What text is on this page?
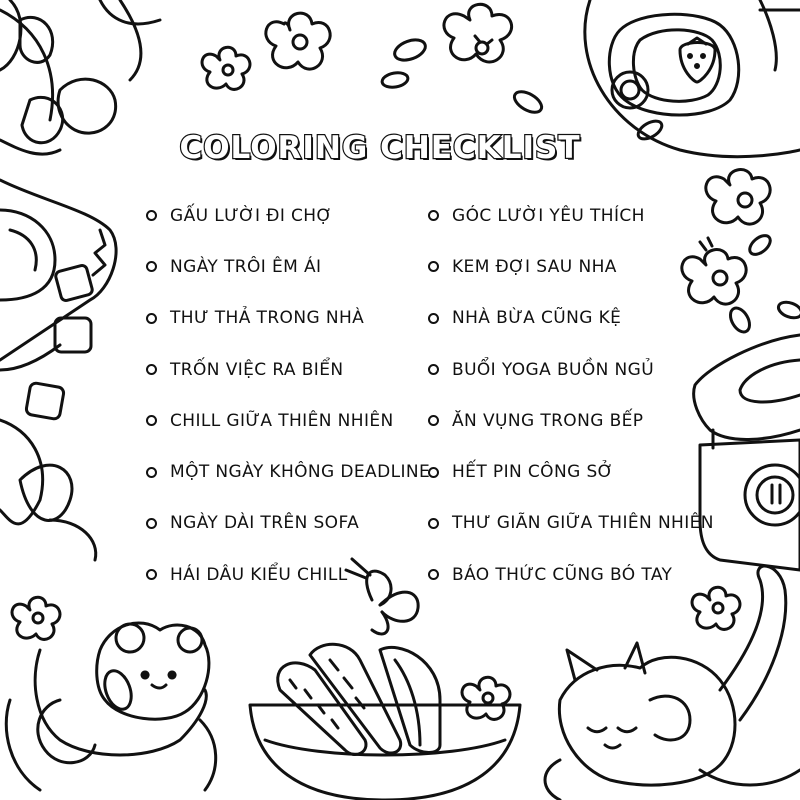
COLORING CHECKLIST
GẤU LƯỜI ĐI CHỢ
NGÀY TRÔI ÊM ÁI
THƯ THẢ TRONG NHÀ
TRỐN VIỆC RA BIỂN
CHILL GIỮA THIÊN NHIÊN
MỘT NGÀY KHÔNG DEADLINE
NGÀY DÀI TRÊN SOFA
HÁI DÂU KIỂU CHILL
GÓC LƯỜI YÊU THÍCH
KEM ĐỢI SAU NHA
NHÀ BỪA CŨNG KỆ
BUỔI YOGA BUỒN NGỦ
ĂN VỤNG TRONG BẾP
HẾT PIN CÔNG SỞ
THƯ GIÃN GIỮA THIÊN NHIÊN
BÁO THỨC CŨNG BÓ TAY
